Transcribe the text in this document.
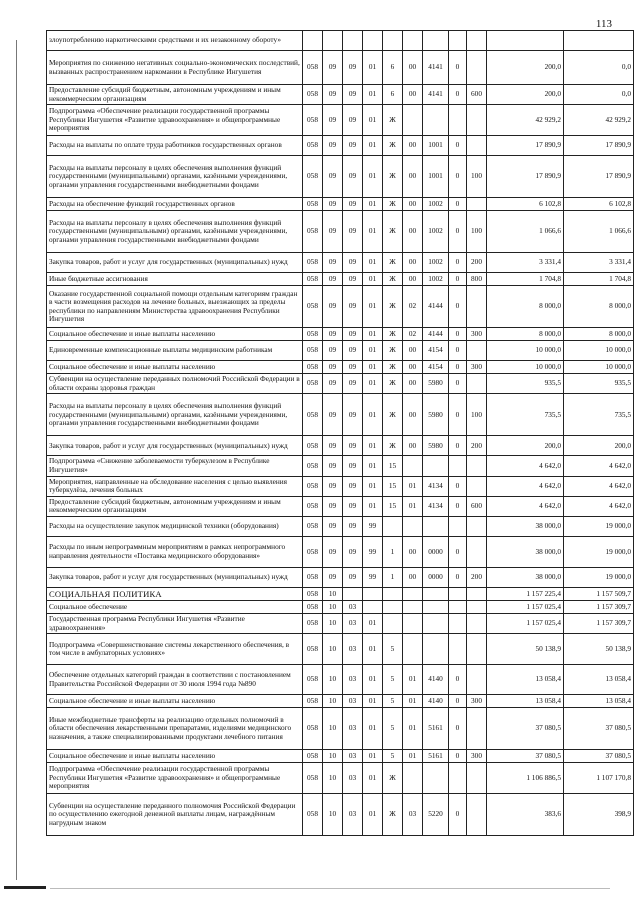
113
злоупотреблению наркотическими средствами и их незаконному обороту»											
Мероприятия по снижению негативных социально-экономических последствий, вызванных распространением наркомании в Республике Ингушетия	058	09	09	01	6	00	4141	0		200,0	0,0
Предоставление субсидий бюджетным, автономным учреждениям и иным некоммерческим организациям	058	09	09	01	6	00	4141	0	600	200,0	0,0
Подпрограмма «Обеспечение реализации государственной программы Республики Ингушетия «Развитие здравоохранения» и общепрограммные мероприятия	058	09	09	01	Ж					42 929,2	42 929,2
Расходы на выплаты по оплате труда работников государственных органов	058	09	09	01	Ж	00	1001	0		17 890,9	17 890,9
Расходы на выплаты персоналу в целях обеспечения выполнения функций государственными (муниципальными) органами, казёнными учреждениями, органами управления государственными внебюджетными фондами	058	09	09	01	Ж	00	1001	0	100	17 890,9	17 890,9
Расходы на обеспечение функций государственных органов	058	09	09	01	Ж	00	1002	0		6 102,8	6 102,8
Расходы на выплаты персоналу в целях обеспечения выполнения функций государственными (муниципальными) органами, казёнными учреждениями, органами управления государственными внебюджетными фондами	058	09	09	01	Ж	00	1002	0	100	1 066,6	1 066,6
Закупка товаров, работ и услуг для государственных (муниципальных) нужд	058	09	09	01	Ж	00	1002	0	200	3 331,4	3 331,4
Иные бюджетные ассигнования	058	09	09	01	Ж	00	1002	0	800	1 704,8	1 704,8
Оказание государственной социальной помощи отдельным категориям граждан в части возмещения расходов на лечение больных, выезжающих за пределы республики по направлениям Министерства здравоохранения Республики Ингушетия	058	09	09	01	Ж	02	4144	0		8 000,0	8 000,0
Социальное обеспечение и иные выплаты населению	058	09	09	01	Ж	02	4144	0	300	8 000,0	8 000,0
Единовременные компенсационные выплаты медицинским работникам	058	09	09	01	Ж	00	4154	0		10 000,0	10 000,0
Социальное обеспечение и иные выплаты населению	058	09	09	01	Ж	00	4154	0	300	10 000,0	10 000,0
Субвенции на осуществление переданных полномочий Российской Федерации в области охраны здоровья граждан	058	09	09	01	Ж	00	5980	0		935,5	935,5
Расходы на выплаты персоналу в целях обеспечения выполнения функций государственными (муниципальными) органами, казёнными учреждениями, органами управления государственными внебюджетными фондами	058	09	09	01	Ж	00	5980	0	100	735,5	735,5
Закупка товаров, работ и услуг для государственных (муниципальных) нужд	058	09	09	01	Ж	00	5980	0	200	200,0	200,0
Подпрограмма «Снижение заболеваемости туберкулезом в Республике Ингушетия»	058	09	09	01	15					4 642,0	4 642,0
Мероприятия, направленные на обследование населения с целью выявления туберкулёза, лечения больных	058	09	09	01	15	01	4134	0		4 642,0	4 642,0
Предоставление субсидий бюджетным, автономным учреждениям и иным некоммерческим организациям	058	09	09	01	15	01	4134	0	600	4 642,0	4 642,0
Расходы на осуществление закупок медицинской техники (оборудования)	058	09	09	99						38 000,0	19 000,0
Расходы по иным непрограммным мероприятиям в рамках непрограммного направления деятельности «Поставка медицинского оборудования»	058	09	09	99	1	00	0000	0		38 000,0	19 000,0
Закупка товаров, работ и услуг для государственных (муниципальных) нужд	058	09	09	99	1	00	0000	0	200	38 000,0	19 000,0
СОЦИАЛЬНАЯ ПОЛИТИКА	058	10								1 157 225,4	1 157 509,7
Социальное обеспечение	058	10	03							1 157 025,4	1 157 309,7
Государственная программа Республики Ингушетия «Развитие здравоохранения»	058	10	03	01						1 157 025,4	1 157 309,7
Подпрограмма «Совершенствование системы лекарственного обеспечения, в том числе в амбулаторных условиях»	058	10	03	01	5					50 138,9	50 138,9
Обеспечение отдельных категорий граждан в соответствии с постановлением Правительства Российской Федерации от 30 июля 1994 года №890	058	10	03	01	5	01	4140	0		13 058,4	13 058,4
Социальное обеспечение и иные выплаты населению	058	10	03	01	5	01	4140	0	300	13 058,4	13 058,4
Иные межбюджетные трансферты на реализацию отдельных полномочий в области обеспечения лекарственными препаратами, изделиями медицинского назначения, а также специализированными продуктами лечебного питания	058	10	03	01	5	01	5161	0		37 080,5	37 080,5
Социальное обеспечение и иные выплаты населению	058	10	03	01	5	01	5161	0	300	37 080,5	37 080,5
Подпрограмма «Обеспечение реализации государственной программы Республики Ингушетия «Развитие здравоохранения» и общепрограммные мероприятия	058	10	03	01	Ж					1 106 886,5	1 107 170,8
Субвенции на осуществление переданного полномочия Российской Федерации по осуществлению ежегодной денежной выплаты лицам, награждённым нагрудным знаком	058	10	03	01	Ж	03	5220	0		383,6	398,9
